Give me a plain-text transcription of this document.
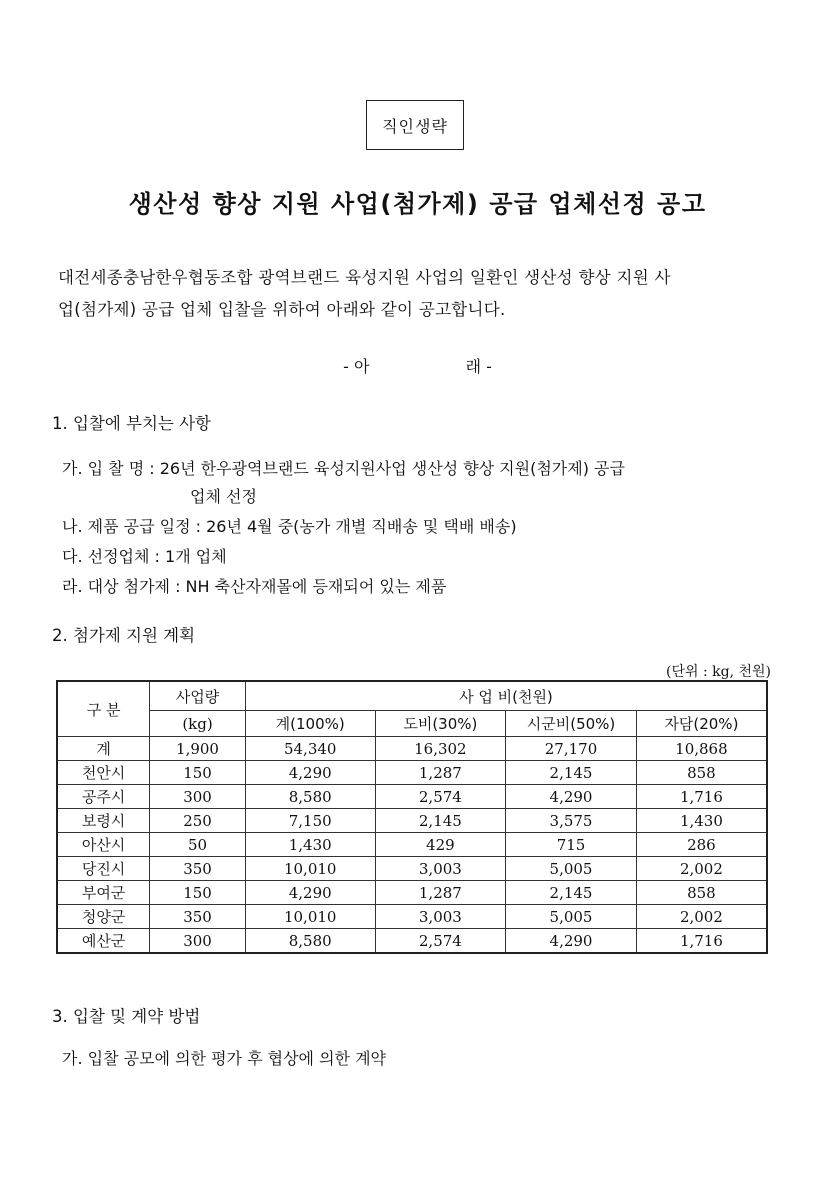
직인생략
생산성 향상 지원 사업(첨가제) 공급 업체선정 공고
대전세종충남한우협동조합 광역브랜드 육성지원 사업의 일환인 생산성 향상 지원 사
업(첨가제) 공급 업체 입찰을 위하여 아래와 같이 공고합니다.
- 아	래 -
1. 입찰에 부치는 사항
가. 입 찰 명 : 26년 한우광역브랜드 육성지원사업 생산성 향상 지원(첨가제) 공급
업체 선정
나. 제품 공급 일정 : 26년 4월 중(농가 개별 직배송 및 택배 배송)
다. 선정업체 : 1개 업체
라. 대상 첨가제 : NH 축산자재몰에 등재되어 있는 제품
2. 첨가제 지원 계획
(단위 : kg, 천원)
구 분	사업량	사 업 비(천원)			
	(kg)	계(100%)	도비(30%)	시군비(50%)	자담(20%)
계	1,900	54,340	16,302	27,170	10,868
천안시	150	4,290	1,287	2,145	858
공주시	300	8,580	2,574	4,290	1,716
보령시	250	7,150	2,145	3,575	1,430
아산시	50	1,430	429	715	286
당진시	350	10,010	3,003	5,005	2,002
부여군	150	4,290	1,287	2,145	858
청양군	350	10,010	3,003	5,005	2,002
예산군	300	8,580	2,574	4,290	1,716
3. 입찰 및 계약 방법
가. 입찰 공모에 의한 평가 후 협상에 의한 계약
